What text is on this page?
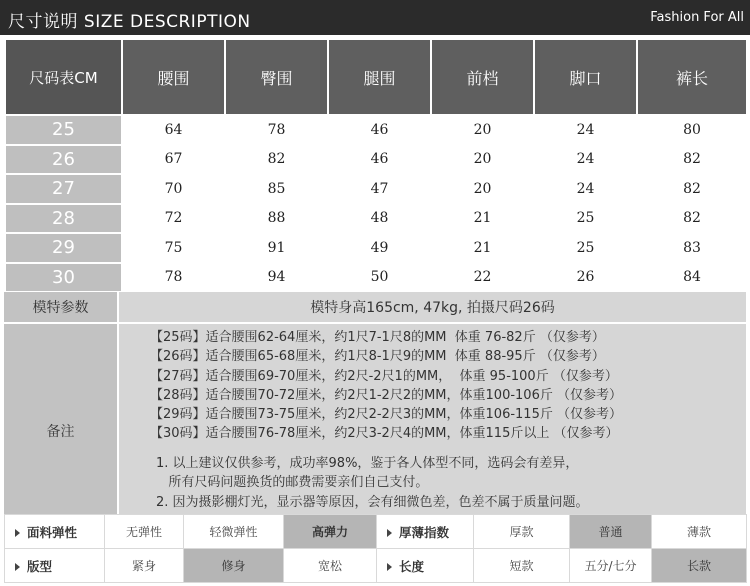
尺寸说明 SIZE DESCRIPTION	Fashion For All
尺码表CM	腰围	臀围	腿围	前档	脚口	裤长
25	64	78	46	20	24	80
26	67	82	46	20	24	82
27	70	85	47	20	24	82
28	72	88	48	21	25	82
29	75	91	49	21	25	83
30	78	94	50	22	26	84
模特参数	模特身高165cm, 47kg, 拍摄尺码26码
备注
【25码】适合腰围62-64厘米，约1尺7-1尺8的MM  体重 76-82斤 （仅参考）
【26码】适合腰围65-68厘米，约1尺8-1尺9的MM  体重 88-95斤 （仅参考）
【27码】适合腰围69-70厘米，约2尺-2尺1的MM，  体重 95-100斤 （仅参考）
【28码】适合腰围70-72厘米，约2尺1-2尺2的MM，体重100-106斤 （仅参考）
【29码】适合腰围73-75厘米，约2尺2-2尺3的MM，体重106-115斤 （仅参考）
【30码】适合腰围76-78厘米，约2尺3-2尺4的MM，体重115斤以上 （仅参考）
1. 以上建议仅供参考，成功率98%，鉴于各人体型不同，选码会有差异，
所有尺码问题换货的邮费需要亲们自己支付。
2. 因为摄影棚灯光，显示器等原因，会有细微色差，色差不属于质量问题。
面料弹性	无弹性	轻微弹性	高弹力	厚薄指数	厚款	普通	薄款
版型	紧身	修身	宽松	长度	短款	五分/七分	长款
